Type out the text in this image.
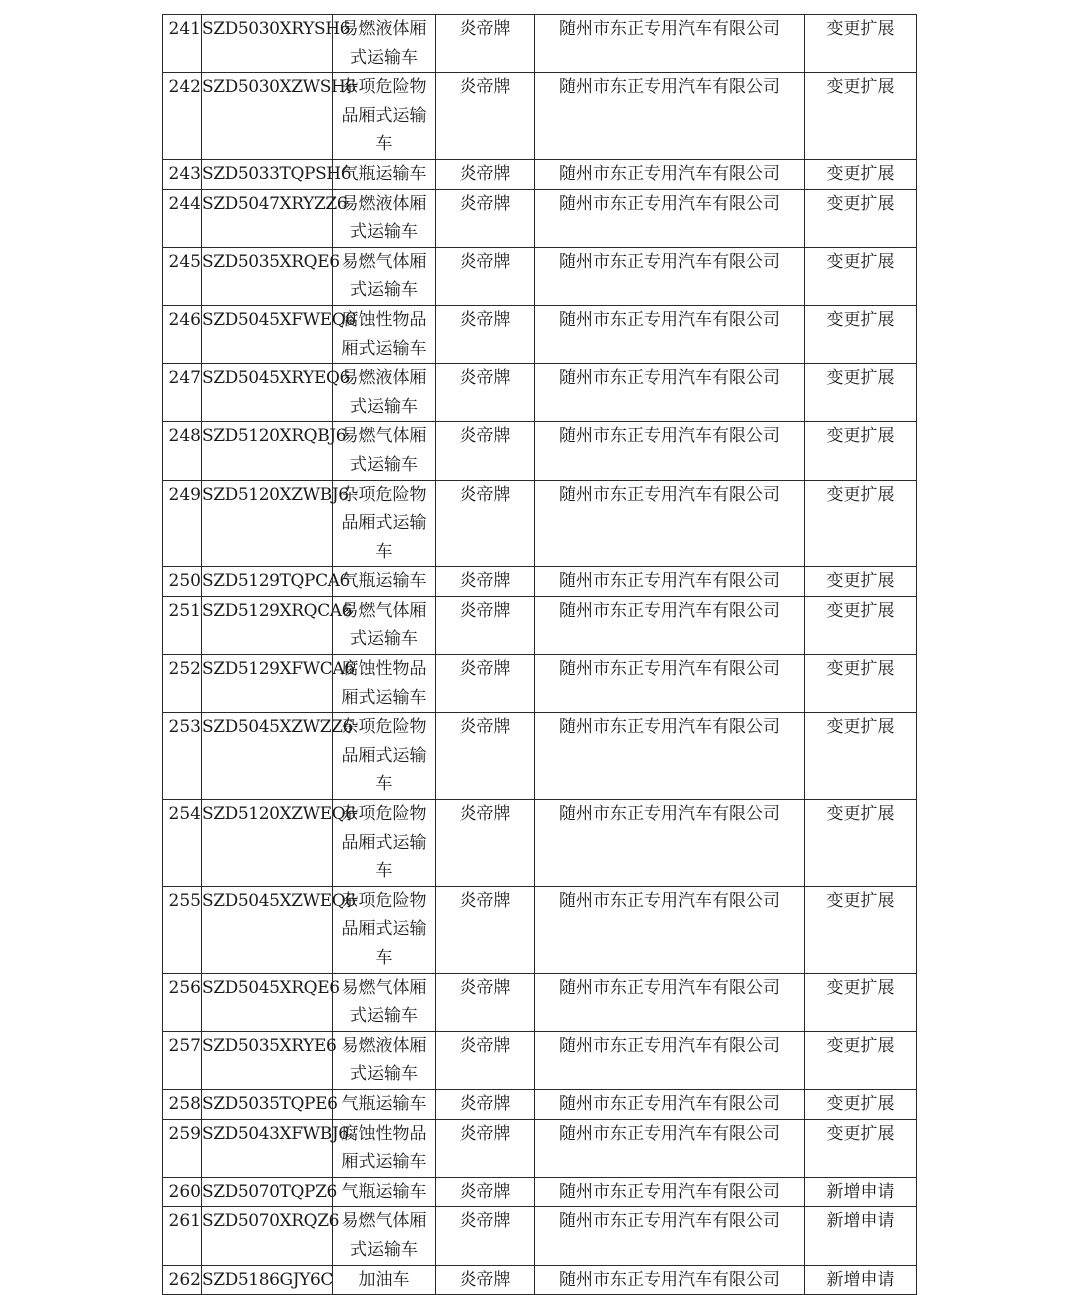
241	SZD5030XRYSH6	易燃液体厢式运输车	炎帝牌	随州市东正专用汽车有限公司	变更扩展
242	SZD5030XZWSH6	杂项危险物品厢式运输车	炎帝牌	随州市东正专用汽车有限公司	变更扩展
243	SZD5033TQPSH6	气瓶运输车	炎帝牌	随州市东正专用汽车有限公司	变更扩展
244	SZD5047XRYZZ6	易燃液体厢式运输车	炎帝牌	随州市东正专用汽车有限公司	变更扩展
245	SZD5035XRQE6	易燃气体厢式运输车	炎帝牌	随州市东正专用汽车有限公司	变更扩展
246	SZD5045XFWEQ6	腐蚀性物品厢式运输车	炎帝牌	随州市东正专用汽车有限公司	变更扩展
247	SZD5045XRYEQ6	易燃液体厢式运输车	炎帝牌	随州市东正专用汽车有限公司	变更扩展
248	SZD5120XRQBJ6	易燃气体厢式运输车	炎帝牌	随州市东正专用汽车有限公司	变更扩展
249	SZD5120XZWBJ6	杂项危险物品厢式运输车	炎帝牌	随州市东正专用汽车有限公司	变更扩展
250	SZD5129TQPCA6	气瓶运输车	炎帝牌	随州市东正专用汽车有限公司	变更扩展
251	SZD5129XRQCA6	易燃气体厢式运输车	炎帝牌	随州市东正专用汽车有限公司	变更扩展
252	SZD5129XFWCA6	腐蚀性物品厢式运输车	炎帝牌	随州市东正专用汽车有限公司	变更扩展
253	SZD5045XZWZZ6	杂项危险物品厢式运输车	炎帝牌	随州市东正专用汽车有限公司	变更扩展
254	SZD5120XZWEQ6	杂项危险物品厢式运输车	炎帝牌	随州市东正专用汽车有限公司	变更扩展
255	SZD5045XZWEQ6	杂项危险物品厢式运输车	炎帝牌	随州市东正专用汽车有限公司	变更扩展
256	SZD5045XRQE6	易燃气体厢式运输车	炎帝牌	随州市东正专用汽车有限公司	变更扩展
257	SZD5035XRYE6	易燃液体厢式运输车	炎帝牌	随州市东正专用汽车有限公司	变更扩展
258	SZD5035TQPE6	气瓶运输车	炎帝牌	随州市东正专用汽车有限公司	变更扩展
259	SZD5043XFWBJ6	腐蚀性物品厢式运输车	炎帝牌	随州市东正专用汽车有限公司	变更扩展
260	SZD5070TQPZ6	气瓶运输车	炎帝牌	随州市东正专用汽车有限公司	新增申请
261	SZD5070XRQZ6	易燃气体厢式运输车	炎帝牌	随州市东正专用汽车有限公司	新增申请
262	SZD5186GJY6C	加油车	炎帝牌	随州市东正专用汽车有限公司	新增申请
